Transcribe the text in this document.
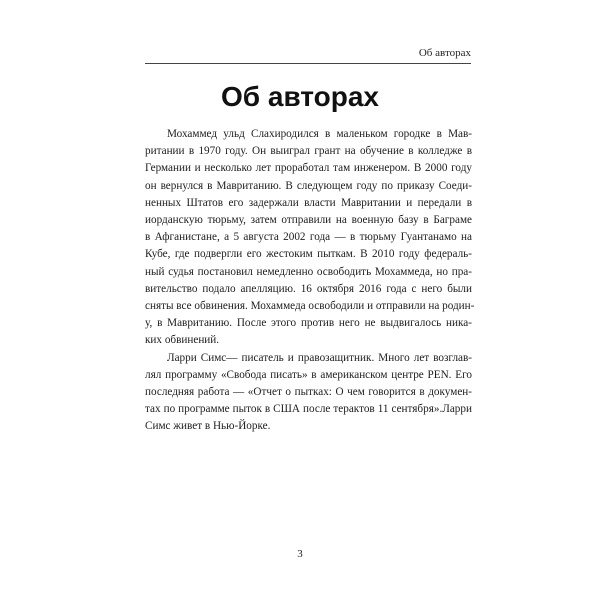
Об авторах
Об авторах

Мохаммед ульд Слахиродился в маленьком городке в Мав-
ритании в 1970 году. Он выиграл грант на обучение в колледже в
Германии и несколько лет проработал там инженером. В 2000 году
он вернулся в Мавританию. В следующем году по приказу Соеди-
ненных Штатов его задержали власти Мавритании и передали в
иорданскую тюрьму, затем отправили на военную базу в Баграме
в Афганистане, а 5 августа 2002 года — в тюрьму Гуантанамо на
Кубе, где подвергли его жестоким пыткам. В 2010 году федераль-
ный судья постановил немедленно освободить Мохаммеда, но пра-
вительство подало апелляцию. 16 октября 2016 года с него были
сняты все обвинения. Мохаммеда освободили и отправили на родин-
у, в Мавританию. После этого против него не выдвигалось ника-
ких обвинений.

Ларри Симс— писатель и правозащитник. Много лет возглав-
лял программу «Свобода писать» в американском центре PEN. Его
последняя работа — «Отчет о пытках: О чем говорится в докумен-
тах по программе пыток в США после терактов 11 сентября».Ларри
Симс живет в Нью-Йорке.

3
